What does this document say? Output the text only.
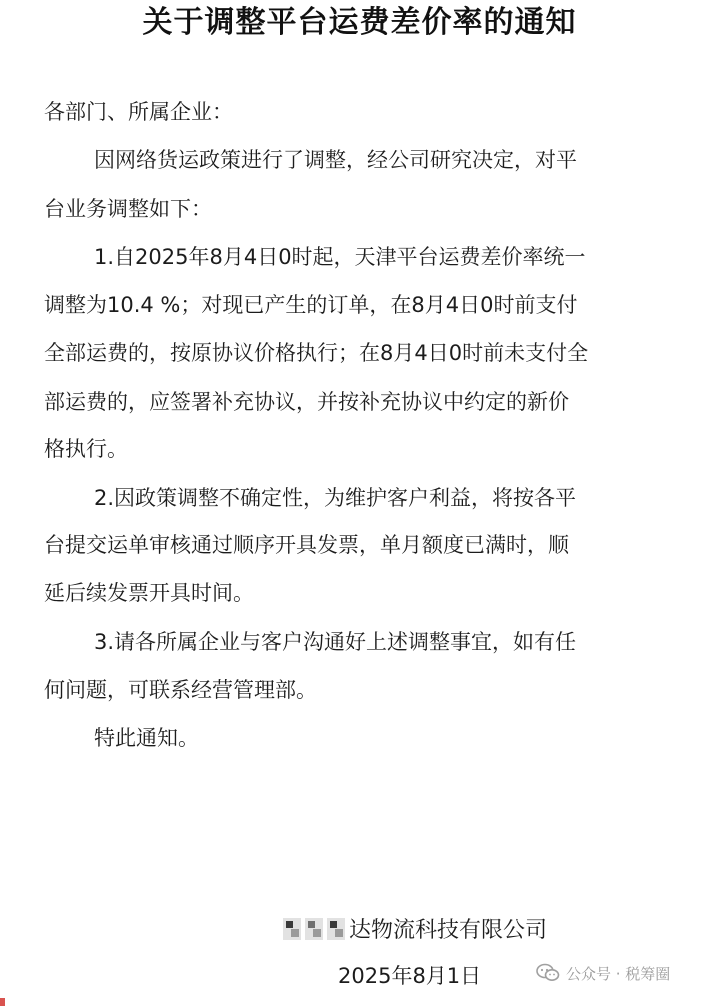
关于调整平台运费差价率的通知
各部门、所属企业：
因网络货运政策进行了调整，经公司研究决定，对平
台业务调整如下：
1.自2025年8月4日0时起，天津平台运费差价率统一
调整为10.4 %；对现已产生的订单，在8月4日0时前支付
全部运费的，按原协议价格执行；在8月4日0时前未支付全
部运费的，应签署补充协议，并按补充协议中约定的新价
格执行。
2.因政策调整不确定性，为维护客户利益，将按各平
台提交运单审核通过顺序开具发票，单月额度已满时，顺
延后续发票开具时间。
3.请各所属企业与客户沟通好上述调整事宜，如有任
何问题，可联系经营管理部。
特此通知。
达物流科技有限公司
2025年8月1日	公众号 · 税筹圈
